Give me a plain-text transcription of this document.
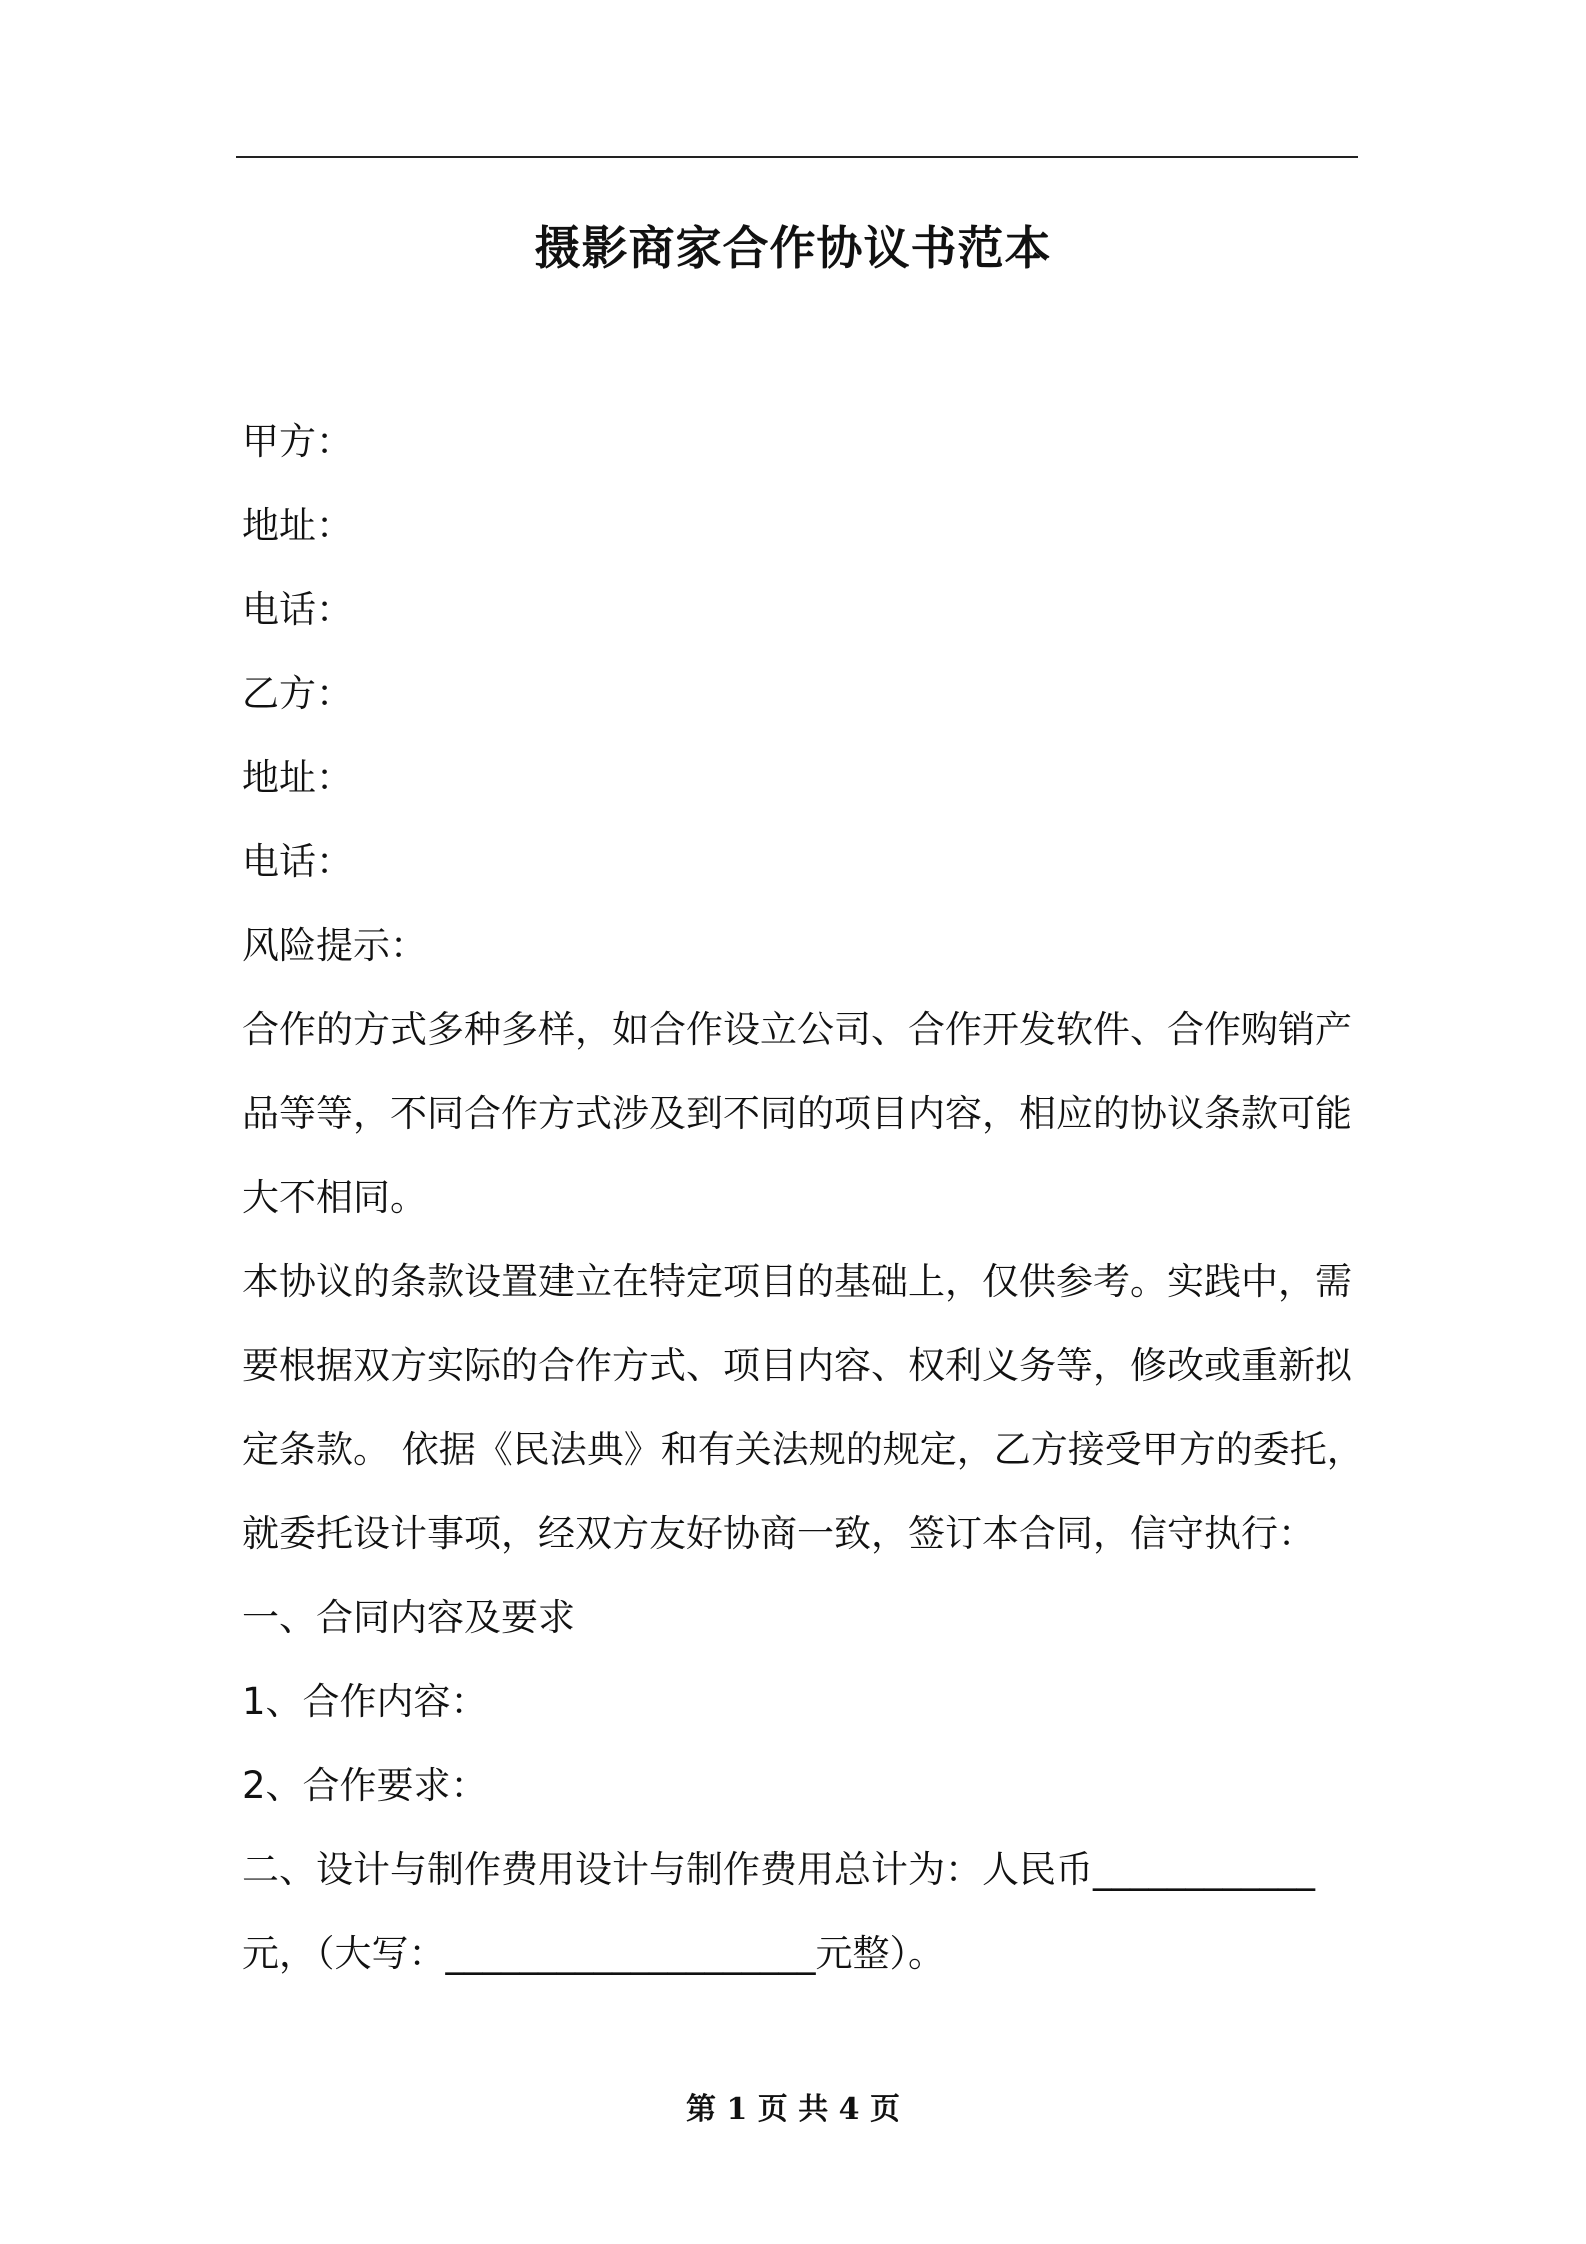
摄影商家合作协议书范本
甲方：
地址：
电话：
乙方：
地址：
电话：
风险提示：
合作的方式多种多样，如合作设立公司、合作开发软件、合作购销产
品等等，不同合作方式涉及到不同的项目内容，相应的协议条款可能
大不相同。
本协议的条款设置建立在特定项目的基础上，仅供参考。实践中，需
要根据双方实际的合作方式、项目内容、权利义务等，修改或重新拟
定条款。 依据《民法典》和有关法规的规定，乙方接受甲方的委托，
就委托设计事项，经双方友好协商一致，签订本合同，信守执行：
一、合同内容及要求
1、合作内容：
2、合作要求：
二、设计与制作费用设计与制作费用总计为：人民币____________
元，（大写：____________________元整）。
第 1 页 共 4 页
